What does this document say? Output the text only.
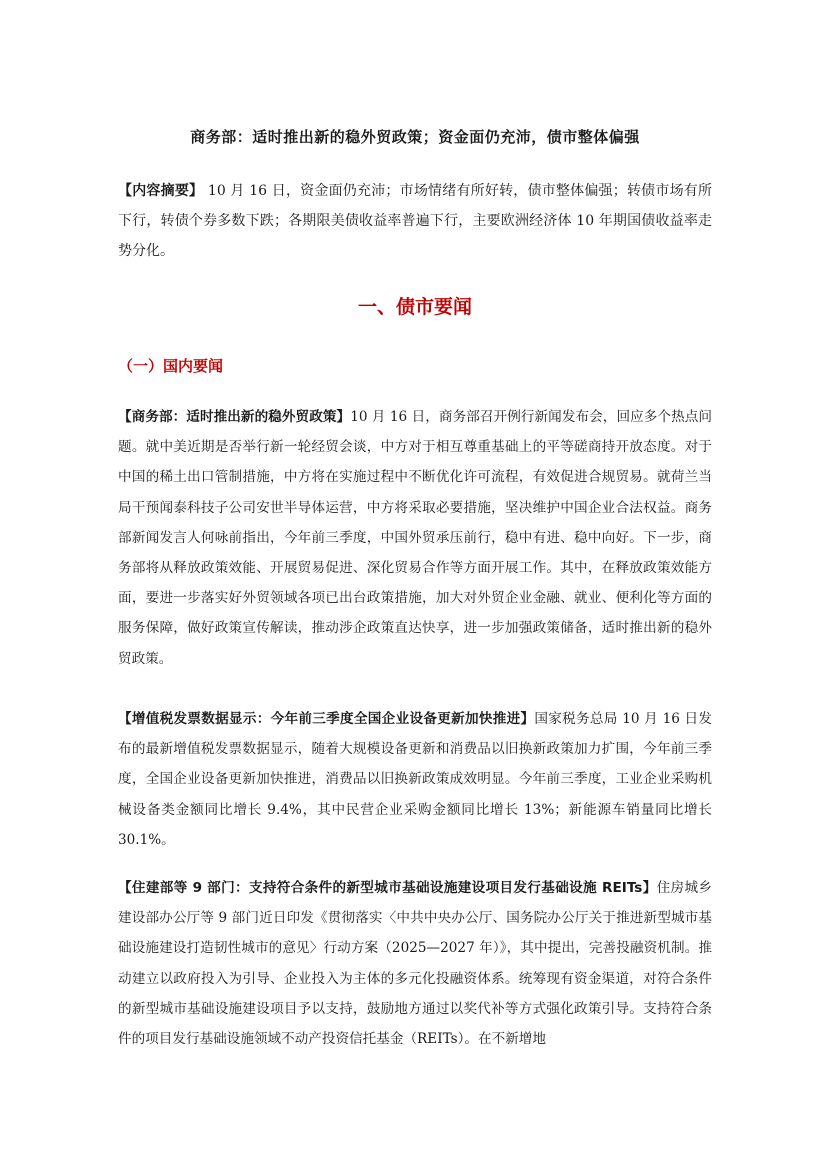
商务部：适时推出新的稳外贸政策；资金面仍充沛，债市整体偏强

【内容摘要】 10 月 16 日，资金面仍充沛；市场情绪有所好转，债市整体偏强；转债市场有所下行，转债个券多数下跌；各期限美债收益率普遍下行，主要欧洲经济体 10 年期国债收益率走势分化。

一、债市要闻
（一）国内要闻

【商务部：适时推出新的稳外贸政策】10 月 16 日，商务部召开例行新闻发布会，回应多个热点问题。就中美近期是否举行新一轮经贸会谈，中方对于相互尊重基础上的平等磋商持开放态度。对于中国的稀土出口管制措施，中方将在实施过程中不断优化许可流程，有效促进合规贸易。就荷兰当局干预闻泰科技子公司安世半导体运营，中方将采取必要措施，坚决维护中国企业合法权益。商务部新闻发言人何咏前指出，今年前三季度，中国外贸承压前行，稳中有进、稳中向好。下一步，商务部将从释放政策效能、开展贸易促进、深化贸易合作等方面开展工作。其中，在释放政策效能方面，要进一步落实好外贸领域各项已出台政策措施，加大对外贸企业金融、就业、便利化等方面的服务保障，做好政策宣传解读，推动涉企政策直达快享，进一步加强政策储备，适时推出新的稳外贸政策。

【增值税发票数据显示：今年前三季度全国企业设备更新加快推进】国家税务总局 10 月 16 日发布的最新增值税发票数据显示，随着大规模设备更新和消费品以旧换新政策加力扩围，今年前三季度，全国企业设备更新加快推进，消费品以旧换新政策成效明显。今年前三季度，工业企业采购机械设备类金额同比增长 9.4%，其中民营企业采购金额同比增长 13%；新能源车销量同比增长 30.1%。

【住建部等 9 部门：支持符合条件的新型城市基础设施建设项目发行基础设施 REITs】住房城乡建设部办公厅等 9 部门近日印发《贯彻落实〈中共中央办公厅、国务院办公厅关于推进新型城市基础设施建设打造韧性城市的意见〉行动方案（2025—2027 年）》，其中提出，完善投融资机制。推动建立以政府投入为引导、企业投入为主体的多元化投融资体系。统筹现有资金渠道，对符合条件的新型城市基础设施建设项目予以支持，鼓励地方通过以奖代补等方式强化政策引导。支持符合条件的项目发行基础设施领域不动产投资信托基金（REITs）。在不新增地
